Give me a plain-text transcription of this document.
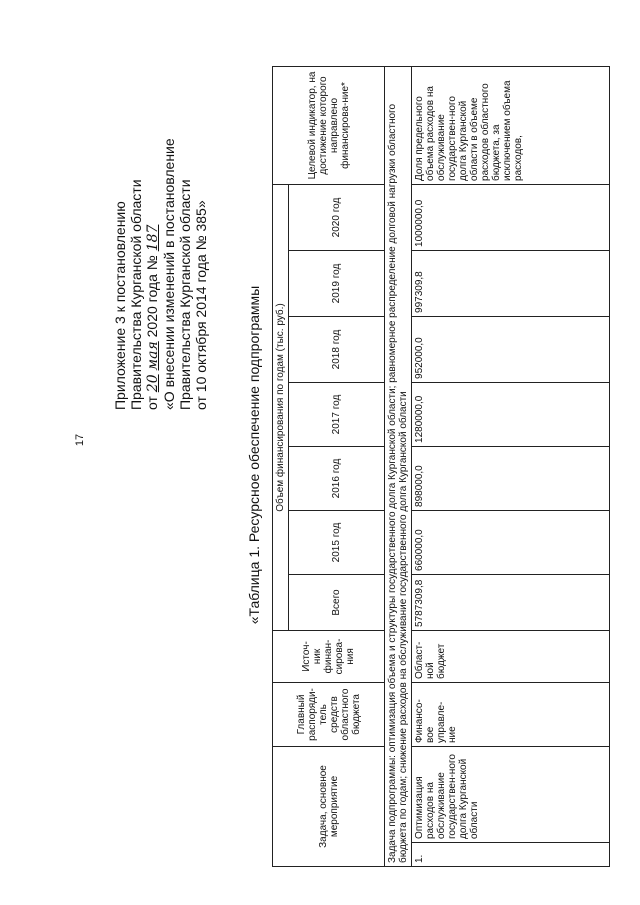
17
Приложение 3 к постановлению Правительства Курганской области от 20 мая 2020 года № 187 «О внесении изменений в постановление Правительства Курганской области от 10 октября 2014 года № 385»	«Таблица 1. Ресурсное обеспечение подпрограммы
Задача, основное мероприятие		Главный распоряди-тель средств областного бюджета	Источ-ник финан-сирова-ния	Объем финансирования по годам (тыс. руб.)							Целевой индикатор, на достижение которого направлено финансирова-ние*
				Всего	2015 год	2016 год	2017 год	2018 год	2019 год	2020 год	
Задача подпрограммы: оптимизация объема и структуры государственного долга Курганской области; равномерное распределение долговой нагрузки областного бюджета по годам; снижение расходов на обслуживание государственного долга Курганской области											
1.	Оптимизация расходов на обслуживание государствен-ного долга Курганской области	Финансо-вое управле-ние	Област-ной бюджет	5787309,8	660000,0	898000,0	1280000,0	952000,0	997309,8	1000000,0	Доля предельного объема расходов на обслуживание государствен-ного долга Курганской области в объеме расходов областного бюджета, за исключением объема расходов,
